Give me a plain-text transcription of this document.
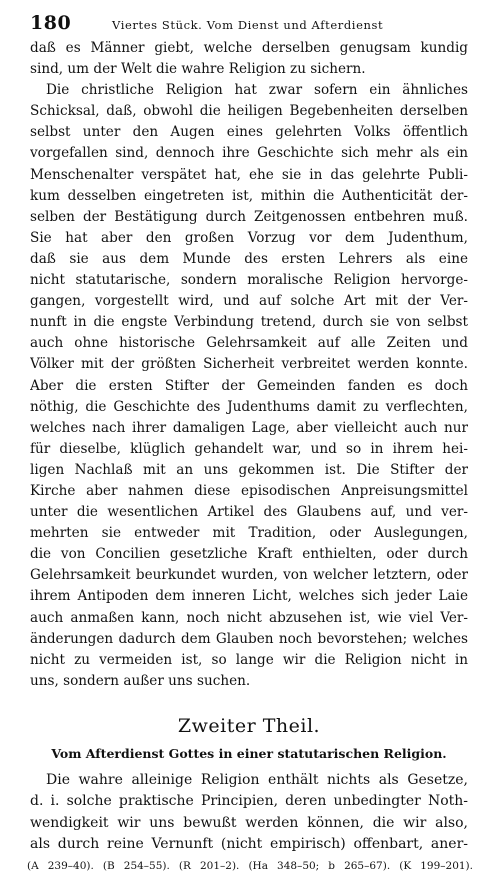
180	Viertes Stück. Vom Dienst und Afterdienst
daß es Männer giebt, welche derselben genugsam kundig
sind, um der Welt die wahre Religion zu sichern.
Die christliche Religion hat zwar sofern ein ähnliches
Schicksal, daß, obwohl die heiligen Begebenheiten derselben
selbst unter den Augen eines gelehrten Volks öffentlich
vorgefallen sind, dennoch ihre Geschichte sich mehr als ein
Menschenalter verspätet hat, ehe sie in das gelehrte Publi-
kum desselben eingetreten ist, mithin die Authenticität der-
selben der Bestätigung durch Zeitgenossen entbehren muß.
Sie hat aber den großen Vorzug vor dem Judenthum,
daß sie aus dem Munde des ersten Lehrers als eine
nicht statutarische, sondern moralische Religion hervorge-
gangen, vorgestellt wird, und auf solche Art mit der Ver-
nunft in die engste Verbindung tretend, durch sie von selbst
auch ohne historische Gelehrsamkeit auf alle Zeiten und
Völker mit der größten Sicherheit verbreitet werden konnte.
Aber die ersten Stifter der Gemeinden fanden es doch
nöthig, die Geschichte des Judenthums damit zu verflechten,
welches nach ihrer damaligen Lage, aber vielleicht auch nur
für dieselbe, klüglich gehandelt war, und so in ihrem hei-
ligen Nachlaß mit an uns gekommen ist. Die Stifter der
Kirche aber nahmen diese episodischen Anpreisungsmittel
unter die wesentlichen Artikel des Glaubens auf, und ver-
mehrten sie entweder mit Tradition, oder Auslegungen,
die von Concilien gesetzliche Kraft enthielten, oder durch
Gelehrsamkeit beurkundet wurden, von welcher letztern, oder
ihrem Antipoden dem inneren Licht, welches sich jeder Laie
auch anmaßen kann, noch nicht abzusehen ist, wie viel Ver-
änderungen dadurch dem Glauben noch bevorstehen; welches
nicht zu vermeiden ist, so lange wir die Religion nicht in
uns, sondern außer uns suchen.
Zweiter Theil.
Vom Afterdienst Gottes in einer statutarischen Religion.
Die wahre alleinige Religion enthält nichts als Gesetze,
d. i. solche praktische Principien, deren unbedingter Noth-
wendigkeit wir uns bewußt werden können, die wir also,
als durch reine Vernunft (nicht empirisch) offenbart, aner-
(A 239–40). (B 254–55). (R 201–2). (Ha 348–50; b 265–67). (K 199–201).
